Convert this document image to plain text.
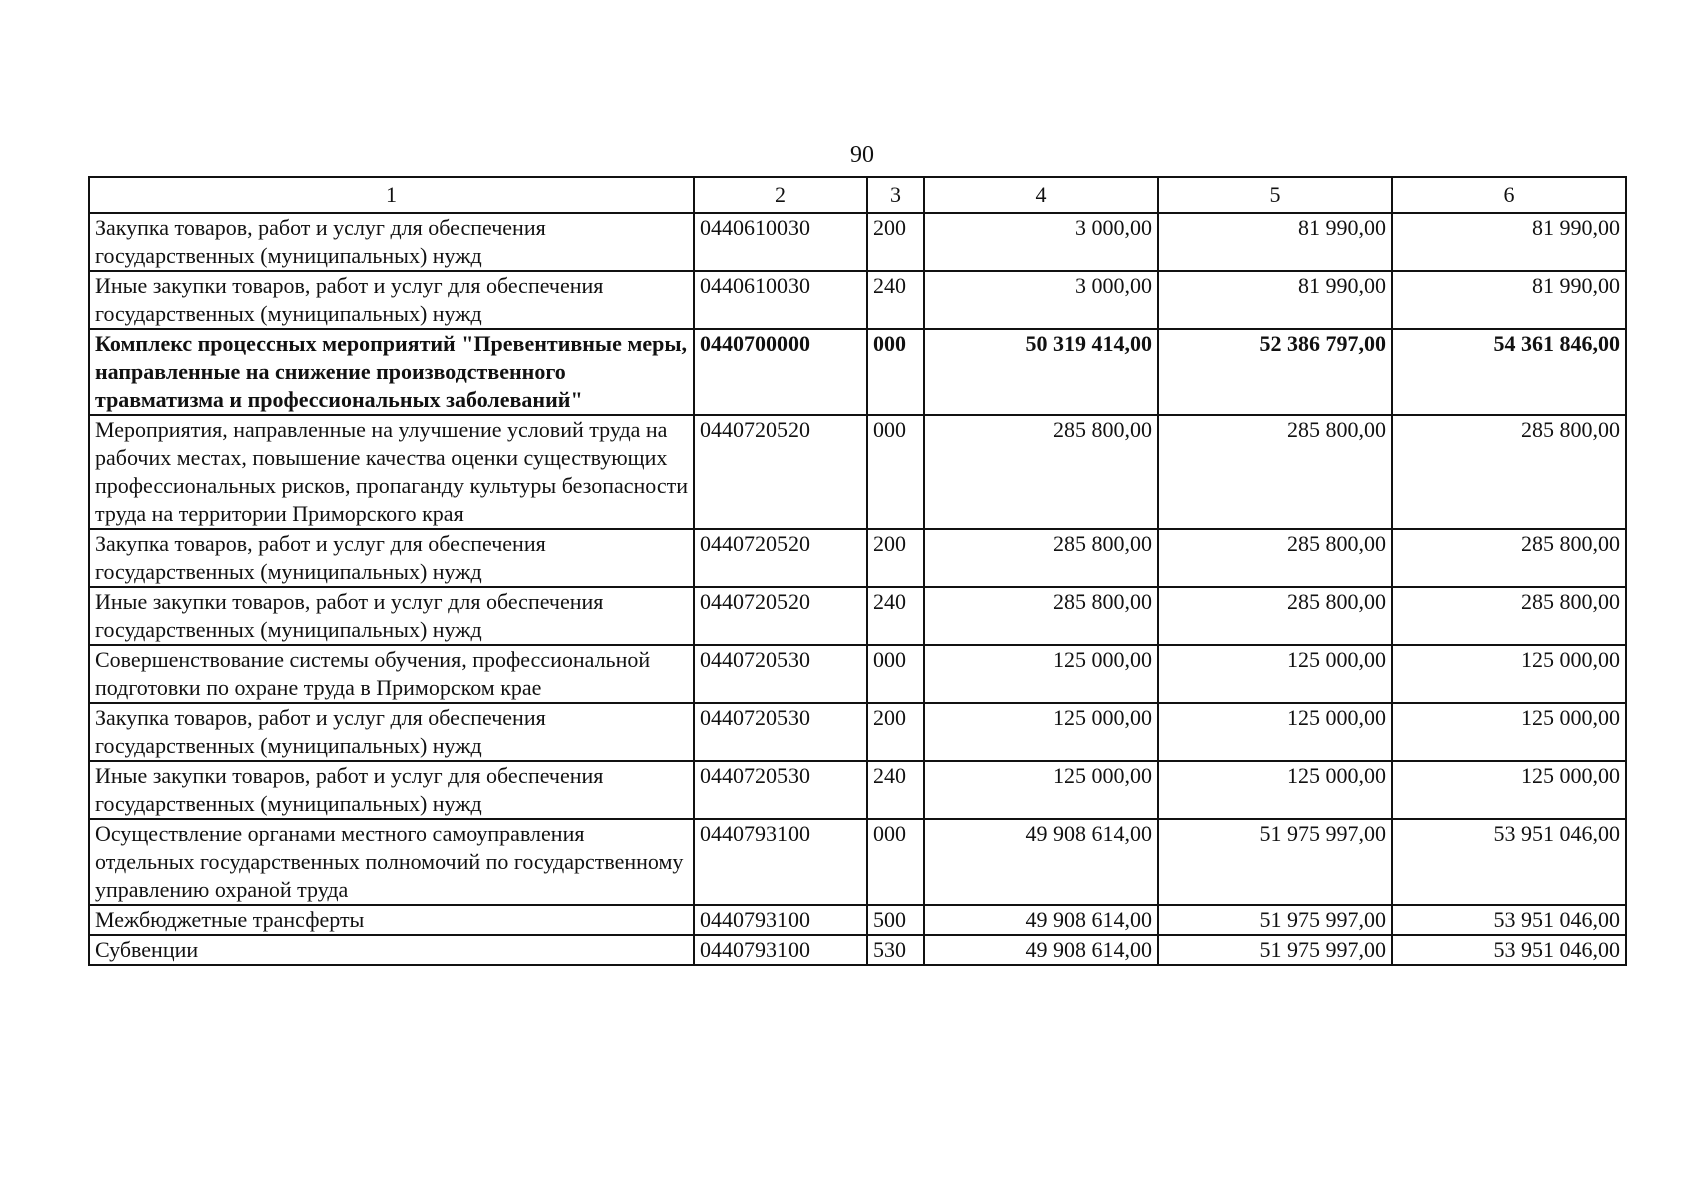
90
1	2	3	4	5	6
Закупка товаров, работ и услуг для обеспечения государственных (муниципальных) нужд	0440610030	200	3 000,00	81 990,00	81 990,00
Иные закупки товаров, работ и услуг для обеспечения государственных (муниципальных) нужд	0440610030	240	3 000,00	81 990,00	81 990,00
Комплекс процессных мероприятий "Превентивные меры, направленные на снижение производственного травматизма и профессиональных заболеваний"	0440700000	000	50 319 414,00	52 386 797,00	54 361 846,00
Мероприятия, направленные на улучшение условий труда на рабочих местах, повышение качества оценки существующих профессиональных рисков, пропаганду культуры безопасности труда на территории Приморского края	0440720520	000	285 800,00	285 800,00	285 800,00
Закупка товаров, работ и услуг для обеспечения государственных (муниципальных) нужд	0440720520	200	285 800,00	285 800,00	285 800,00
Иные закупки товаров, работ и услуг для обеспечения государственных (муниципальных) нужд	0440720520	240	285 800,00	285 800,00	285 800,00
Совершенствование системы обучения, профессиональной подготовки по охране труда в Приморском крае	0440720530	000	125 000,00	125 000,00	125 000,00
Закупка товаров, работ и услуг для обеспечения государственных (муниципальных) нужд	0440720530	200	125 000,00	125 000,00	125 000,00
Иные закупки товаров, работ и услуг для обеспечения государственных (муниципальных) нужд	0440720530	240	125 000,00	125 000,00	125 000,00
Осуществление органами местного самоуправления отдельных государственных полномочий по государственному управлению охраной труда	0440793100	000	49 908 614,00	51 975 997,00	53 951 046,00
Межбюджетные трансферты	0440793100	500	49 908 614,00	51 975 997,00	53 951 046,00
Субвенции	0440793100	530	49 908 614,00	51 975 997,00	53 951 046,00
